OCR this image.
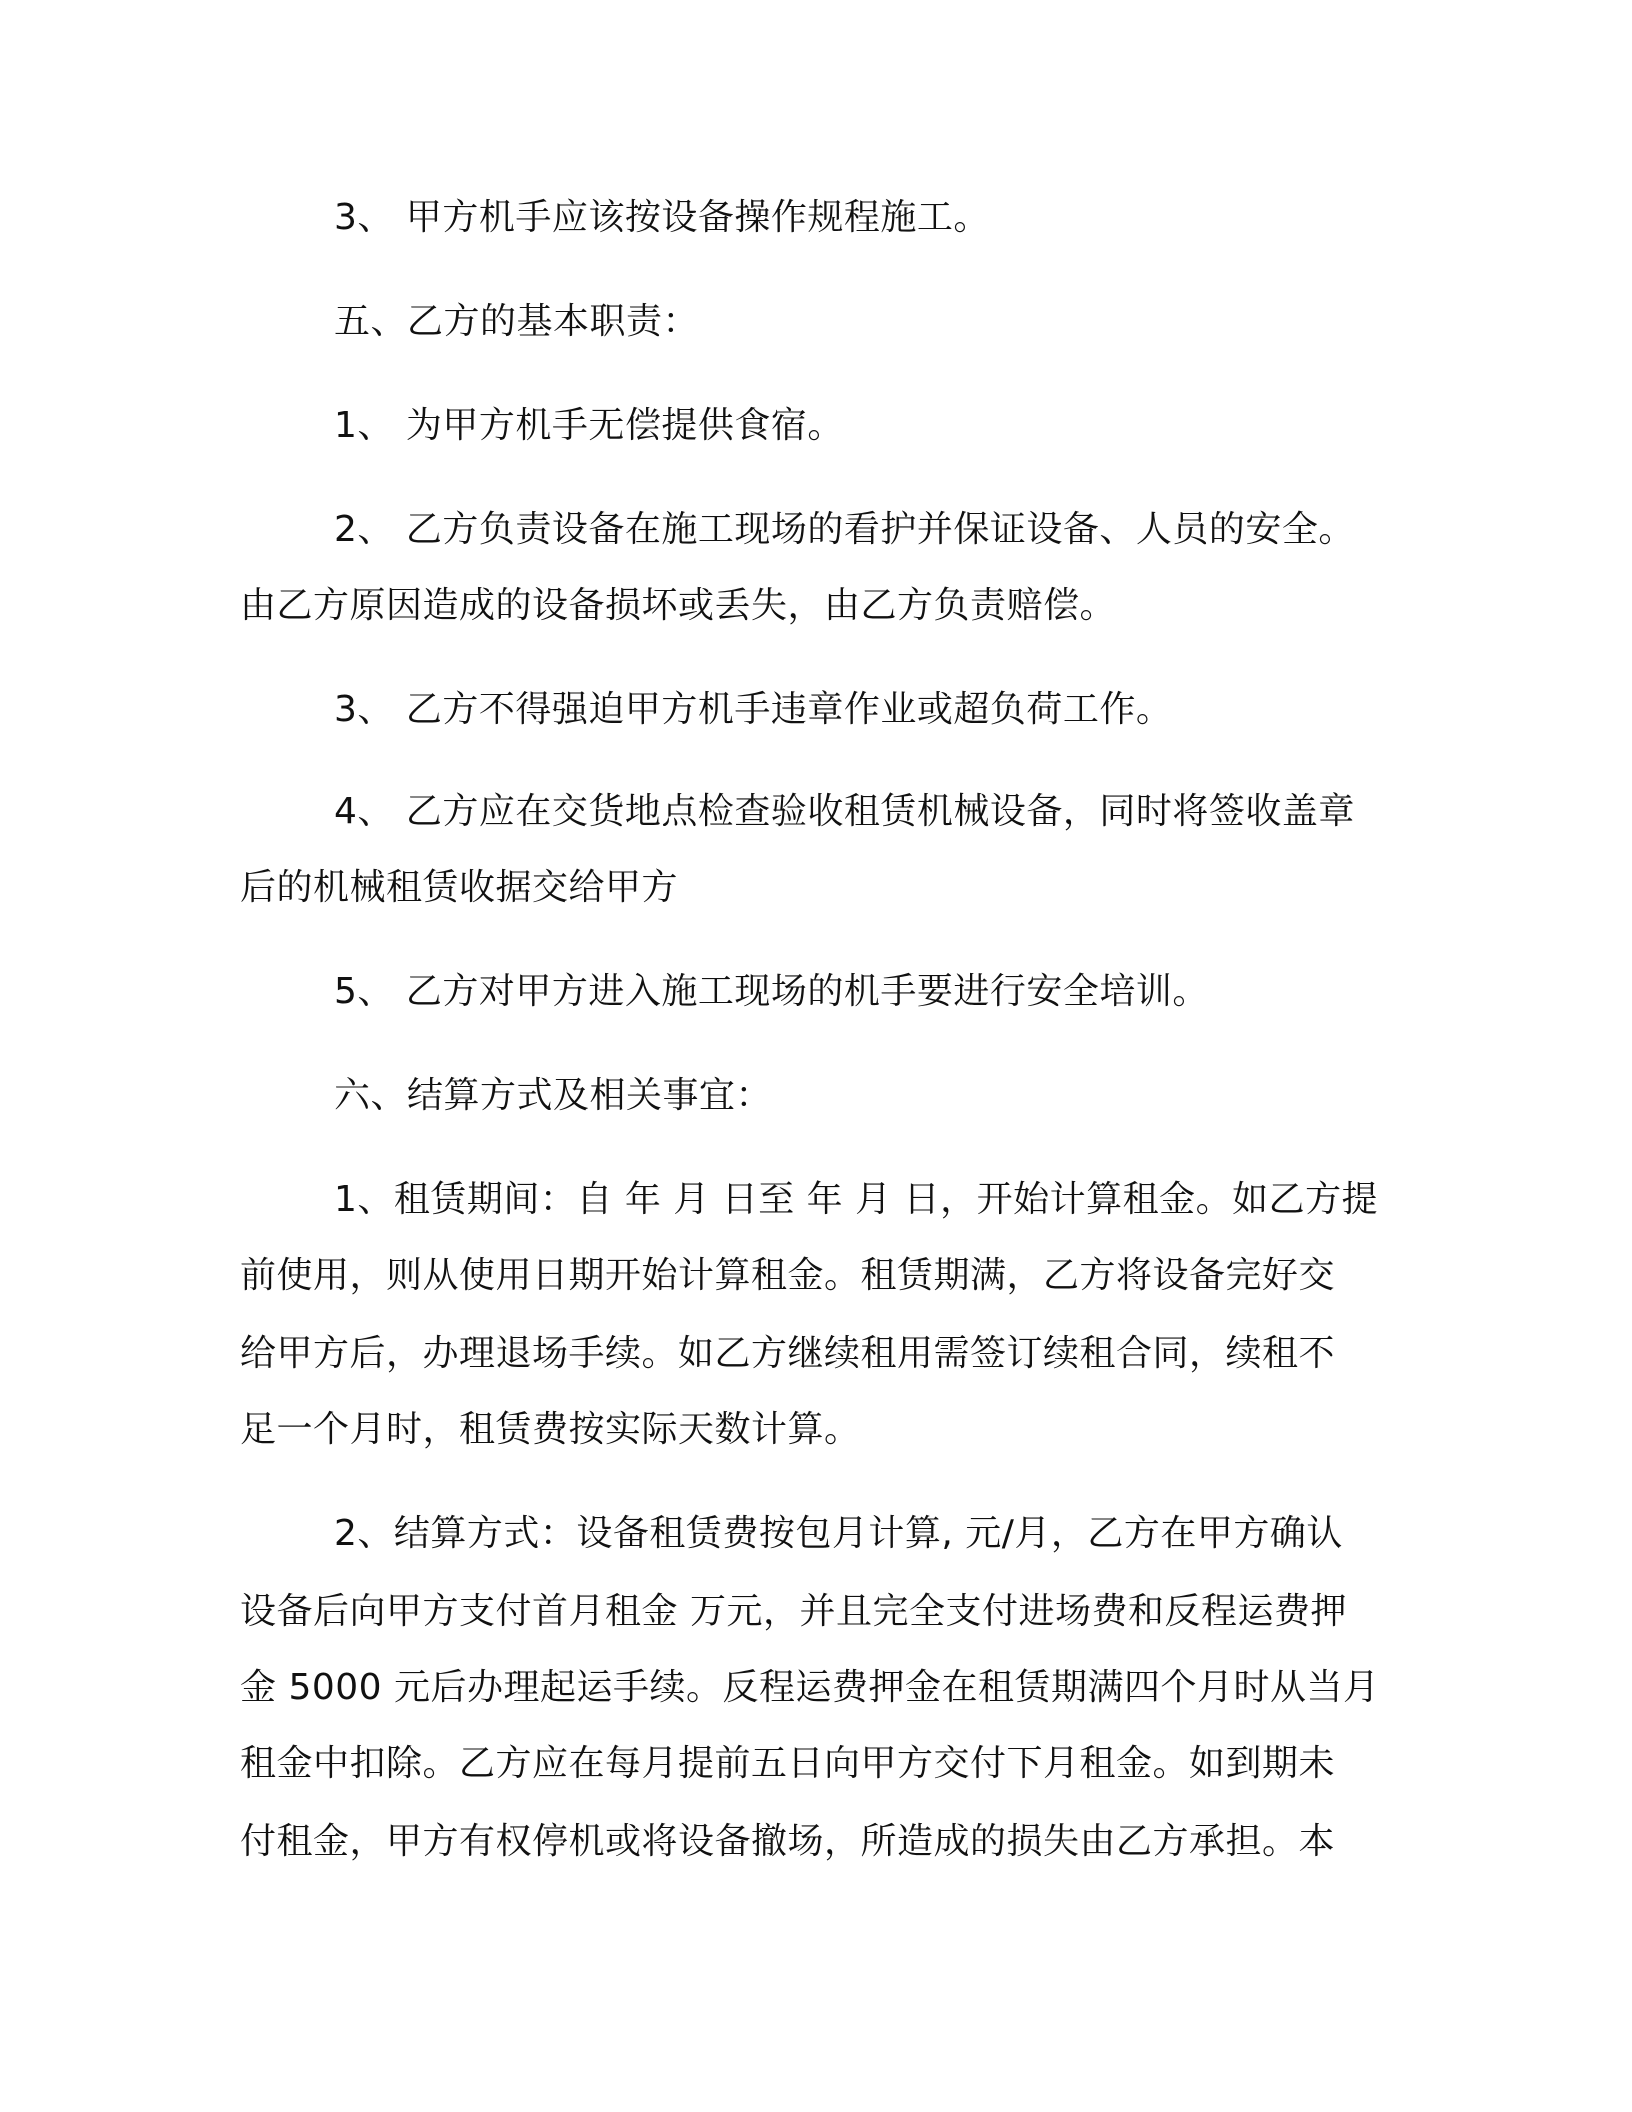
3、 甲方机手应该按设备操作规程施工。
五、乙方的基本职责：
1、 为甲方机手无偿提供食宿。
2、 乙方负责设备在施工现场的看护并保证设备、人员的安全。
由乙方原因造成的设备损坏或丢失，由乙方负责赔偿。
3、 乙方不得强迫甲方机手违章作业或超负荷工作。
4、 乙方应在交货地点检查验收租赁机械设备，同时将签收盖章
后的机械租赁收据交给甲方
5、 乙方对甲方进入施工现场的机手要进行安全培训。
六、结算方式及相关事宜：
1、租赁期间：自 年 月 日至 年 月 日，开始计算租金。如乙方提
前使用，则从使用日期开始计算租金。租赁期满，乙方将设备完好交
给甲方后，办理退场手续。如乙方继续租用需签订续租合同，续租不
足一个月时，租赁费按实际天数计算。
2、结算方式：设备租赁费按包月计算, 元/月，乙方在甲方确认
设备后向甲方支付首月租金 万元，并且完全支付进场费和反程运费押
金 5000 元后办理起运手续。反程运费押金在租赁期满四个月时从当月
租金中扣除。乙方应在每月提前五日向甲方交付下月租金。如到期未
付租金，甲方有权停机或将设备撤场，所造成的损失由乙方承担。本
